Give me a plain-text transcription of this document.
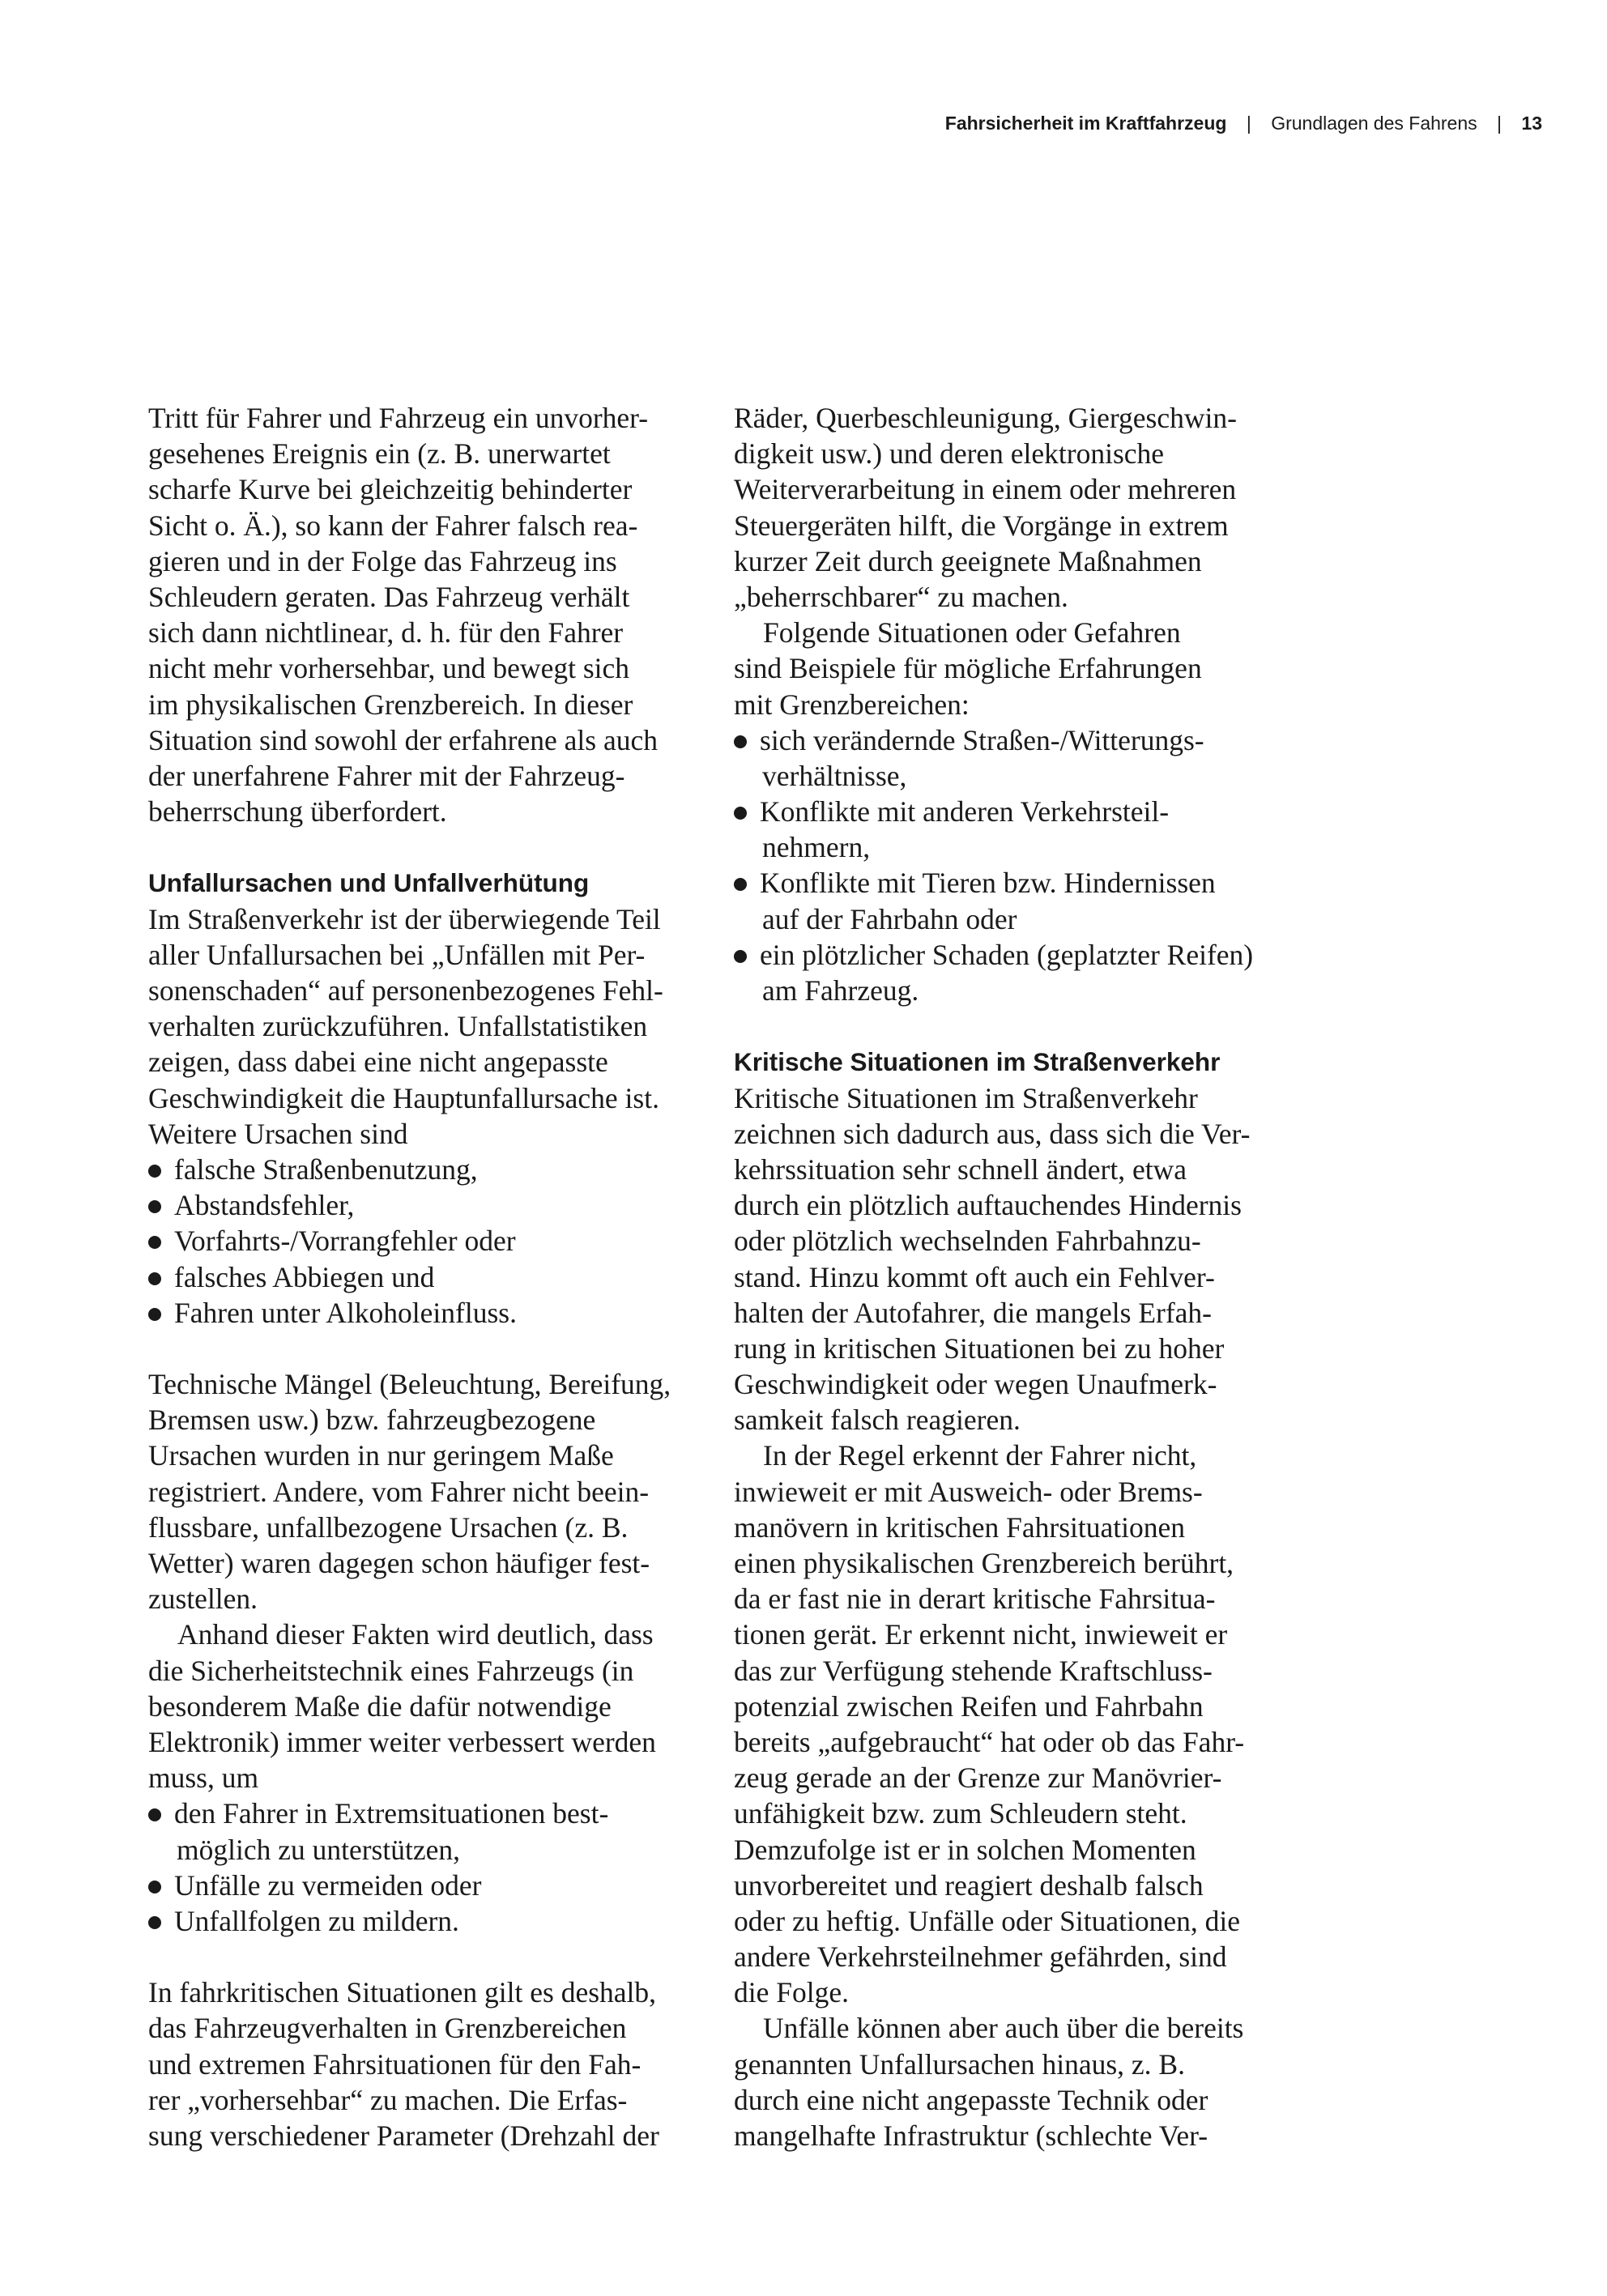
Fahrsicherheit im Kraftfahrzeug | Grundlagen des Fahrens | 13
Tritt für Fahrer und Fahrzeug ein unvorher-
gesehenes Ereignis ein (z. B. unerwartet
scharfe Kurve bei gleichzeitig behinderter
Sicht o. Ä.), so kann der Fahrer falsch rea-
gieren und in der Folge das Fahrzeug ins
Schleudern geraten. Das Fahrzeug verhält
sich dann nichtlinear, d. h. für den Fahrer
nicht mehr vorhersehbar, und bewegt sich
im physikalischen Grenzbereich. In dieser
Situation sind sowohl der erfahrene als auch
der unerfahrene Fahrer mit der Fahrzeug-
beherrschung überfordert.
Unfallursachen und Unfallverhütung
Im Straßenverkehr ist der überwiegende Teil
aller Unfallursachen bei „Unfällen mit Per-
sonenschaden“ auf personenbezogenes Fehl-
verhalten zurückzuführen. Unfallstatistiken
zeigen, dass dabei eine nicht angepasste
Geschwindigkeit die Hauptunfallursache ist.
Weitere Ursachen sind
falsche Straßenbenutzung,
Abstandsfehler,
Vorfahrts-/Vorrangfehler oder
falsches Abbiegen und
Fahren unter Alkoholeinfluss.
Technische Mängel (Beleuchtung, Bereifung,
Bremsen usw.) bzw. fahrzeugbezogene
Ursachen wurden in nur geringem Maße
registriert. Andere, vom Fahrer nicht beein-
flussbare, unfallbezogene Ursachen (z. B.
Wetter) waren dagegen schon häufiger fest-
zustellen.
Anhand dieser Fakten wird deutlich, dass
die Sicherheitstechnik eines Fahrzeugs (in
besonderem Maße die dafür notwendige
Elektronik) immer weiter verbessert werden
muss, um
den Fahrer in Extremsituationen best-
möglich zu unterstützen,
Unfälle zu vermeiden oder
Unfallfolgen zu mildern.
In fahrkritischen Situationen gilt es deshalb,
das Fahrzeugverhalten in Grenzbereichen
und extremen Fahrsituationen für den Fah-
rer „vorhersehbar“ zu machen. Die Erfas-
sung verschiedener Parameter (Drehzahl der
Räder, Querbeschleunigung, Giergeschwin-
digkeit usw.) und deren elektronische
Weiterverarbeitung in einem oder mehreren
Steuergeräten hilft, die Vorgänge in extrem
kurzer Zeit durch geeignete Maßnahmen
„beherrschbarer“ zu machen.
Folgende Situationen oder Gefahren
sind Beispiele für mögliche Erfahrungen
mit Grenzbereichen:
sich verändernde Straßen-/Witterungs-
verhältnisse,
Konflikte mit anderen Verkehrsteil-
nehmern,
Konflikte mit Tieren bzw. Hindernissen
auf der Fahrbahn oder
ein plötzlicher Schaden (geplatzter Reifen)
am Fahrzeug.
Kritische Situationen im Straßenverkehr
Kritische Situationen im Straßenverkehr
zeichnen sich dadurch aus, dass sich die Ver-
kehrssituation sehr schnell ändert, etwa
durch ein plötzlich auftauchendes Hindernis
oder plötzlich wechselnden Fahrbahnzu-
stand. Hinzu kommt oft auch ein Fehlver-
halten der Autofahrer, die mangels Erfah-
rung in kritischen Situationen bei zu hoher
Geschwindigkeit oder wegen Unaufmerk-
samkeit falsch reagieren.
In der Regel erkennt der Fahrer nicht,
inwieweit er mit Ausweich- oder Brems-
manövern in kritischen Fahrsituationen
einen physikalischen Grenzbereich berührt,
da er fast nie in derart kritische Fahrsitua-
tionen gerät. Er erkennt nicht, inwieweit er
das zur Verfügung stehende Kraftschluss-
potenzial zwischen Reifen und Fahrbahn
bereits „aufgebraucht“ hat oder ob das Fahr-
zeug gerade an der Grenze zur Manövrier-
unfähigkeit bzw. zum Schleudern steht.
Demzufolge ist er in solchen Momenten
unvorbereitet und reagiert deshalb falsch
oder zu heftig. Unfälle oder Situationen, die
andere Verkehrsteilnehmer gefährden, sind
die Folge.
Unfälle können aber auch über die bereits
genannten Unfallursachen hinaus, z. B.
durch eine nicht angepasste Technik oder
mangelhafte Infrastruktur (schlechte Ver-
